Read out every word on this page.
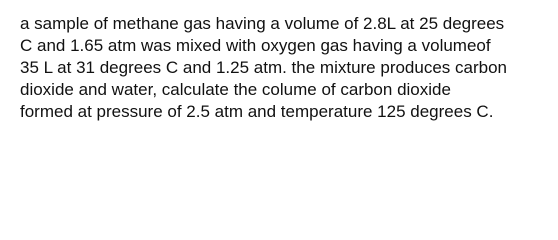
a sample of methane gas having a volume of 2.8L at 25 degrees

C and 1.65 atm was mixed with oxygen gas having a volumeof

35 L at 31 degrees C and 1.25 atm. the mixture produces carbon

dioxide and water, calculate the colume of carbon dioxide

formed at pressure of 2.5 atm and temperature 125 degrees C.
